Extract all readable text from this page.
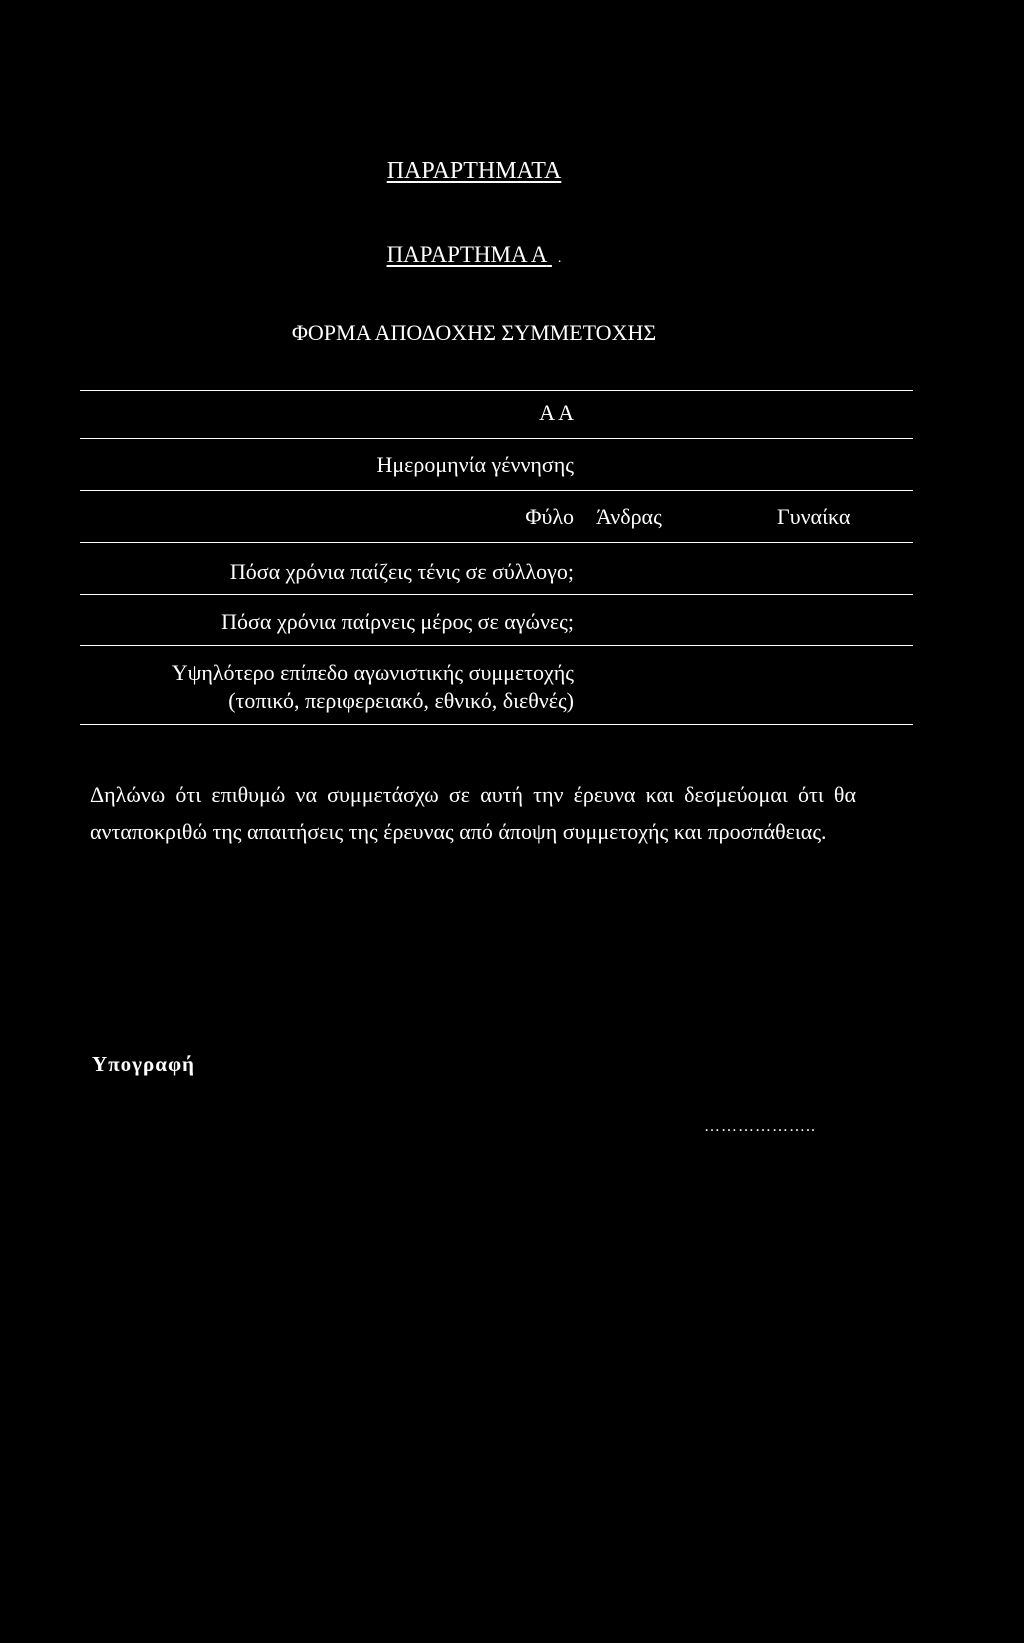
ΠΑΡΑΡΤΗΜΑΤΑ
ΠΑΡΑΡΤΗΜΑ Α .
ΦΟΡΜΑ ΑΠΟΔΟΧΗΣ ΣΥΜΜΕΤΟΧΗΣ
Α Α
Ημερομηνία γέννησης
Φύλο Άνδρας	Γυναίκα
Πόσα χρόνια παίζεις τένις σε σύλλογο;
Πόσα χρόνια παίρνεις μέρος σε αγώνες;
Υψηλότερο επίπεδο αγωνιστικής συμμετοχής
(τοπικό, περιφερειακό, εθνικό, διεθνές)
Δηλώνω ότι επιθυμώ να συμμετάσχω σε αυτή την έρευνα και δεσμεύομαι ότι θα ανταποκριθώ της απαιτήσεις της έρευνας από άποψη συμμετοχής και προσπάθειας.
Υπογραφή
………………..
